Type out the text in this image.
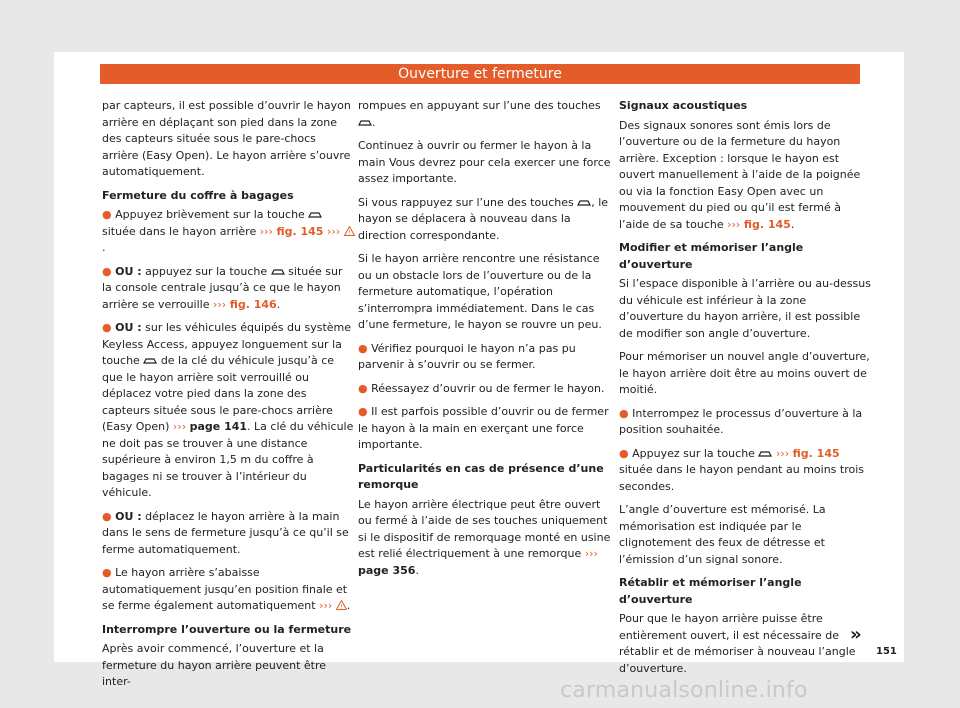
Ouverture et fermeture

par capteurs, il est possible d’ouvrir le hayon arrière en déplaçant son pied dans la zone des capteurs située sous le pare-chocs arrière (Easy Open). Le hayon arrière s’ouvre automatiquement.

Fermeture du coffre à bagages

● Appuyez brièvement sur la touche  située dans le hayon arrière ››› fig. 145 ››› !
.

● OU : appuyez sur la touche située sur la console centrale jusqu’à ce que le hayon arrière se verrouille ››› fig. 146.

● OU : sur les véhicules équipés du système Keyless Access, appuyez longuement sur la touche de la clé du véhicule jusqu’à ce que le hayon arrière soit verrouillé ou déplacez votre pied dans la zone des capteurs située sous le pare-chocs arrière (Easy Open) ››› page 141. La clé du véhicule ne doit pas se trouver à une distance supérieure à environ 1,5 m du coffre à bagages ni se trouver à l’intérieur du véhicule.

● OU : déplacez le hayon arrière à la main dans le sens de fermeture jusqu’à ce qu’il se ferme automatiquement.

● Le hayon arrière s’abaisse automatiquement jusqu’en position finale et se ferme également automatiquement ››› ! .

Interrompre l’ouverture ou la fermeture

Après avoir commencé, l’ouverture et la fermeture du hayon arrière peuvent être inter-

rompues en appuyant sur l’une des touches .

Continuez à ouvrir ou fermer le hayon à la main Vous devrez pour cela exercer une force assez importante.

Si vous rappuyez sur l’une des touches , le hayon se déplacera à nouveau dans la direction correspondante.

Si le hayon arrière rencontre une résistance ou un obstacle lors de l’ouverture ou de la fermeture automatique, l’opération s’interrompra immédiatement. Dans le cas d’une fermeture, le hayon se rouvre un peu.

● Vérifiez pourquoi le hayon n’a pas pu parvenir à s’ouvrir ou se fermer.

● Réessayez d’ouvrir ou de fermer le hayon.

● Il est parfois possible d’ouvrir ou de fermer le hayon à la main en exerçant une force importante.

Particularités en cas de présence d’une remorque

Le hayon arrière électrique peut être ouvert ou fermé à l’aide de ses touches uniquement si le dispositif de remorquage monté en usine est relié électriquement à une remorque ››› page 356.

Signaux acoustiques

Des signaux sonores sont émis lors de l’ouverture ou de la fermeture du hayon arrière. Exception : lorsque le hayon est ouvert manuellement à l’aide de la poignée ou via la fonction Easy Open avec un mouvement du pied ou qu’il est fermé à l’aide de sa touche ››› fig. 145.

Modifier et mémoriser l’angle d’ouverture

Si l’espace disponible à l’arrière ou au-dessus du véhicule est inférieur à la zone d’ouverture du hayon arrière, il est possible de modifier son angle d’ouverture.

Pour mémoriser un nouvel angle d’ouverture, le hayon arrière doit être au moins ouvert de moitié.

● Interrompez le processus d’ouverture à la position souhaitée.

● Appuyez sur la touche ››› fig. 145 située dans le hayon pendant au moins trois secondes.

L’angle d’ouverture est mémorisé. La mémorisation est indiquée par le clignotement des feux de détresse et l’émission d’un signal sonore.

Rétablir et mémoriser l’angle d’ouverture

Pour que le hayon arrière puisse être entièrement ouvert, il est nécessaire de rétablir et de mémoriser à nouveau l’angle d’ouverture.

»
151
carmanualsonline.info
